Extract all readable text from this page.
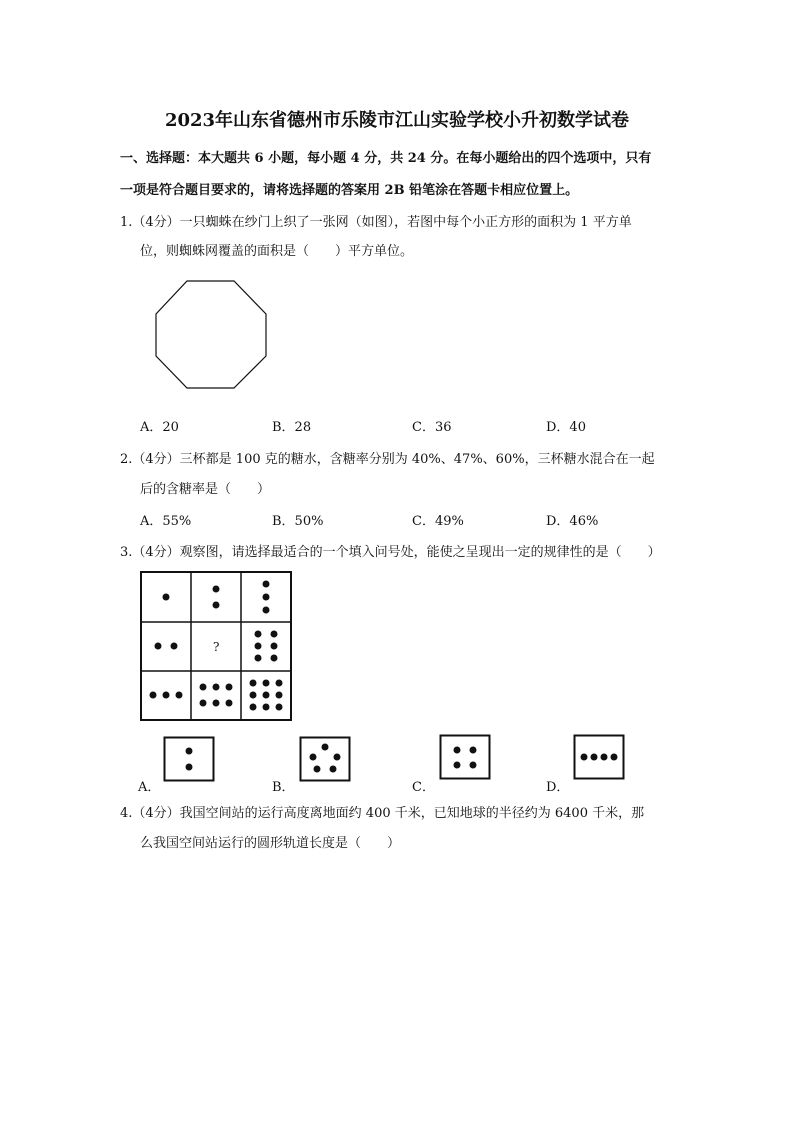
2023年山东省德州市乐陵市江山实验学校小升初数学试卷
一、选择题：本大题共 6 小题，每小题 4 分，共 24 分。在每小题给出的四个选项中，只有
一项是符合题目要求的，请将选择题的答案用 2B 铅笔涂在答题卡相应位置上。
1.（4分）一只蜘蛛在纱门上织了一张网（如图），若图中每个小正方形的面积为 1 平方单
位，则蜘蛛网覆盖的面积是（　　）平方单位。
A．20	B．28	C．36	D．40
2.（4分）三杯都是 100 克的糖水，含糖率分别为 40%、47%、60%，三杯糖水混合在一起
后的含糖率是（　　）
A．55%	B．50%	C．49%	D．46%
3.（4分）观察图，请选择最适合的一个填入问号处，能使之呈现出一定的规律性的是（　　）
?
A．	B．	C．	D．
4.（4分）我国空间站的运行高度离地面约 400 千米，已知地球的半径约为 6400 千米，那
么我国空间站运行的圆形轨道长度是（　　）
